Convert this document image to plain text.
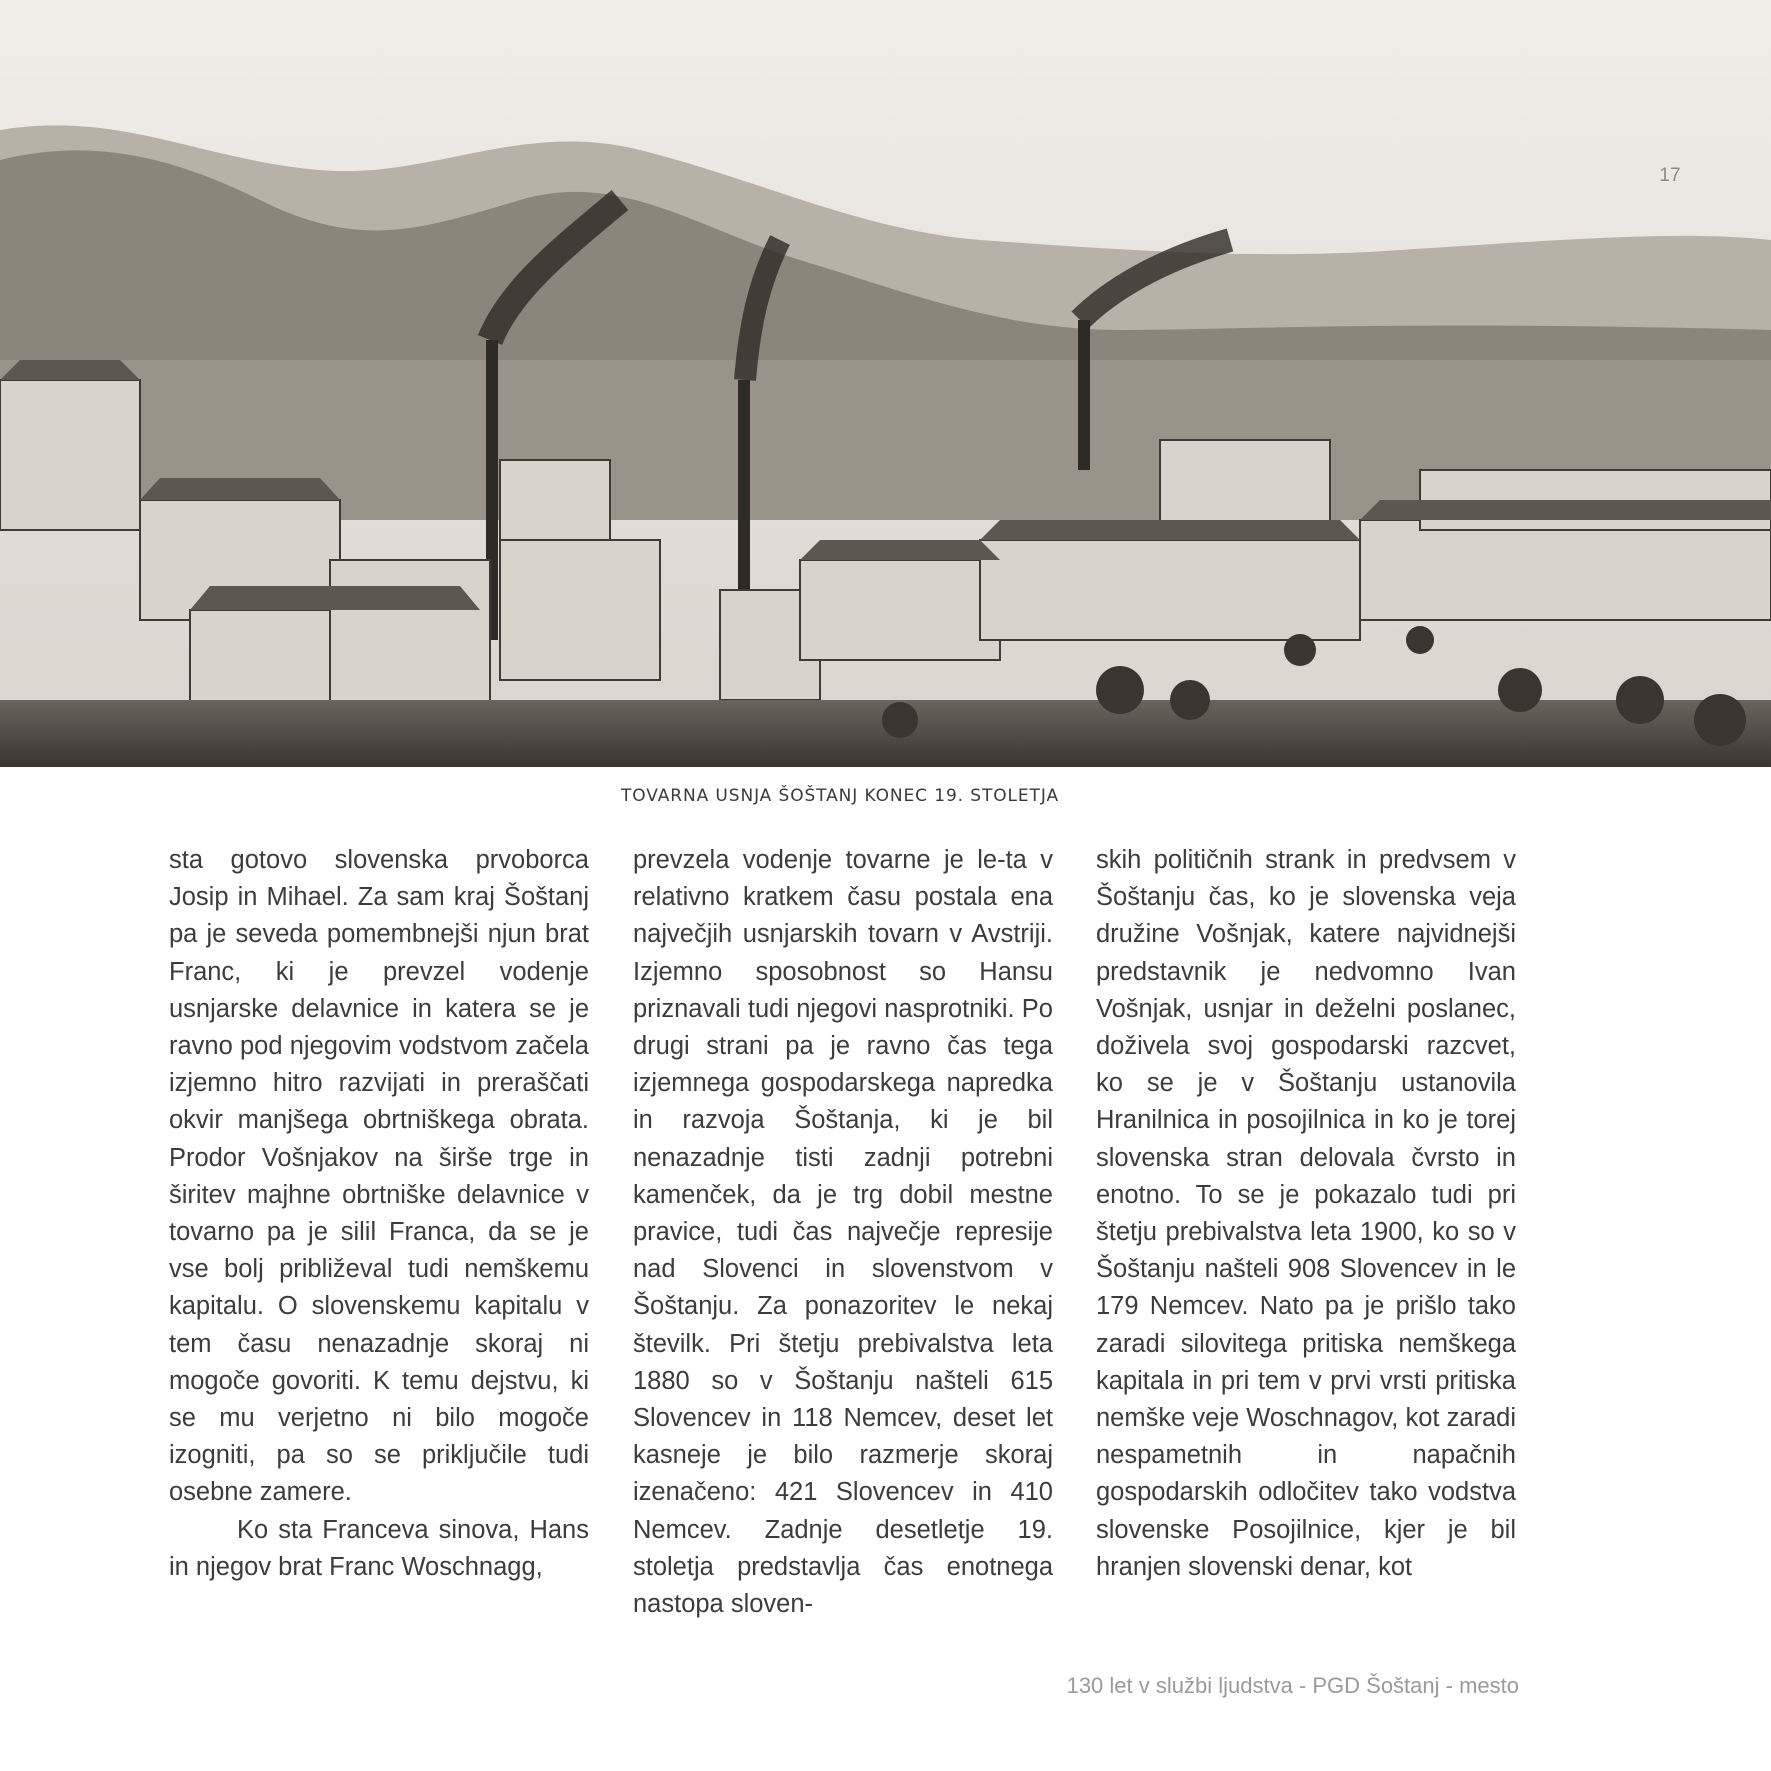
17
TOVARNA USNJA ŠOŠTANJ KONEC 19. STOLETJA

sta gotovo slovenska prvoborca Josip in Mihael. Za sam kraj Šoštanj pa je seveda pomembnejši njun brat Franc, ki je prevzel vodenje usnjarske delavnice in katera se je ravno pod njegovim vodstvom začela izjemno hitro razvijati in preraščati okvir manjšega obrtniškega obrata. Prodor Vošnjakov na širše trge in širitev majhne obrtniške delavnice v tovarno pa je silil Franca, da se je vse bolj približeval tudi nemškemu kapitalu. O slovenskemu kapitalu v tem času nenazadnje skoraj ni mogoče govoriti. K temu dejstvu, ki se mu verjetno ni bilo mogoče izogniti, pa so se priključile tudi osebne zamere.

Ko sta Franceva sinova, Hans in njegov brat Franc Woschnagg,

prevzela vodenje tovarne je le-ta v relativno kratkem času postala ena največjih usnjarskih tovarn v Avstriji. Izjemno sposobnost so Hansu priznavali tudi njegovi nasprotniki. Po drugi strani pa je ravno čas tega izjemnega gospodarskega napredka in razvoja Šoštanja, ki je bil nenazadnje tisti zadnji potrebni kamenček, da je trg dobil mestne pravice, tudi čas največje represije nad Slovenci in slovenstvom v Šoštanju. Za ponazoritev le nekaj številk. Pri štetju prebivalstva leta 1880 so v Šoštanju našteli 615 Slovencev in 118 Nemcev, deset let kasneje je bilo razmerje skoraj izenačeno: 421 Slovencev in 410 Nemcev. Zadnje desetletje 19. stoletja predstavlja čas enotnega nastopa sloven-

skih političnih strank in predvsem v Šoštanju čas, ko je slovenska veja družine Vošnjak, katere najvidnejši predstavnik je nedvomno Ivan Vošnjak, usnjar in deželni poslanec, doživela svoj gospodarski razcvet, ko se je v Šoštanju ustanovila Hranilnica in posojilnica in ko je torej slovenska stran delovala čvrsto in enotno. To se je pokazalo tudi pri štetju prebivalstva leta 1900, ko so v Šoštanju našteli 908 Slovencev in le 179 Nemcev. Nato pa je prišlo tako zaradi silovitega pritiska nemškega kapitala in pri tem v prvi vrsti pritiska nemške veje Woschnagov, kot zaradi nespametnih in napačnih gospodarskih odločitev tako vodstva slovenske Posojilnice, kjer je bil hranjen slovenski denar, kot

130 let v službi ljudstva - PGD Šoštanj - mesto
